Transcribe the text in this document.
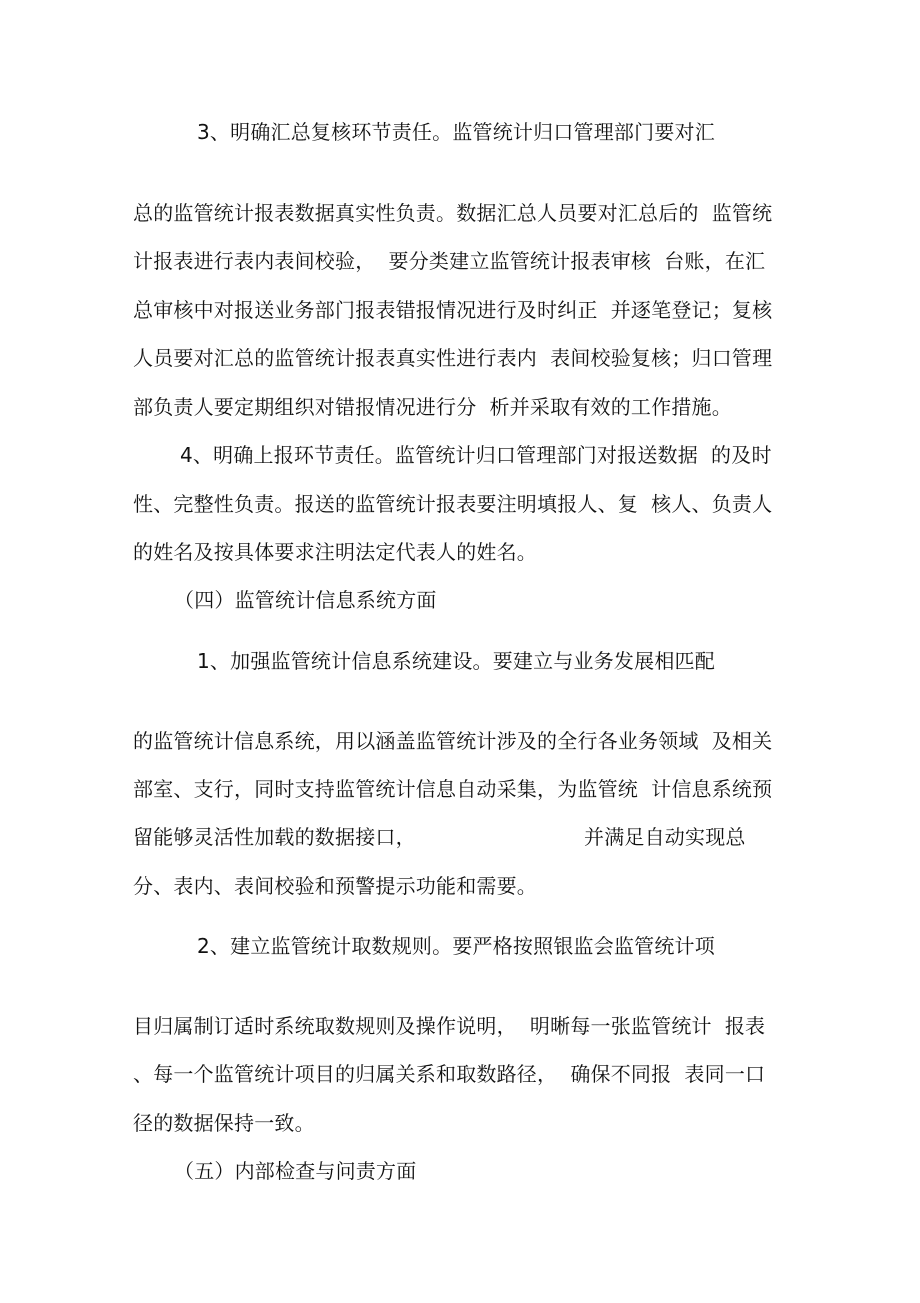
3、明确汇总复核环节责任。监管统计归口管理部门要对汇
总的监管统计报表数据真实性负责。数据汇总人员要对汇总后的  监管统
计报表进行表内表间校验，  要分类建立监管统计报表审核  台账，在汇
总审核中对报送业务部门报表错报情况进行及时纠正  并逐笔登记；复核
人员要对汇总的监管统计报表真实性进行表内  表间校验复核；归口管理
部负责人要定期组织对错报情况进行分  析并采取有效的工作措施。
4、明确上报环节责任。监管统计归口管理部门对报送数据  的及时
性、完整性负责。报送的监管统计报表要注明填报人、复  核人、负责人
的姓名及按具体要求注明法定代表人的姓名。
（四）监管统计信息系统方面
1、加强监管统计信息系统建设。要建立与业务发展相匹配
的监管统计信息系统，用以涵盖监管统计涉及的全行各业务领域  及相关
部室、支行，同时支持监管统计信息自动采集，为监管统  计信息系统预
留能够灵活性加载的数据接口，	并满足自动实现总
分、表内、表间校验和预警提示功能和需要。
2、建立监管统计取数规则。要严格按照银监会监管统计项
目归属制订适时系统取数规则及操作说明，  明晰每一张监管统计  报表
、每一个监管统计项目的归属关系和取数路径，  确保不同报  表同一口
径的数据保持一致。
（五）内部检查与问责方面
